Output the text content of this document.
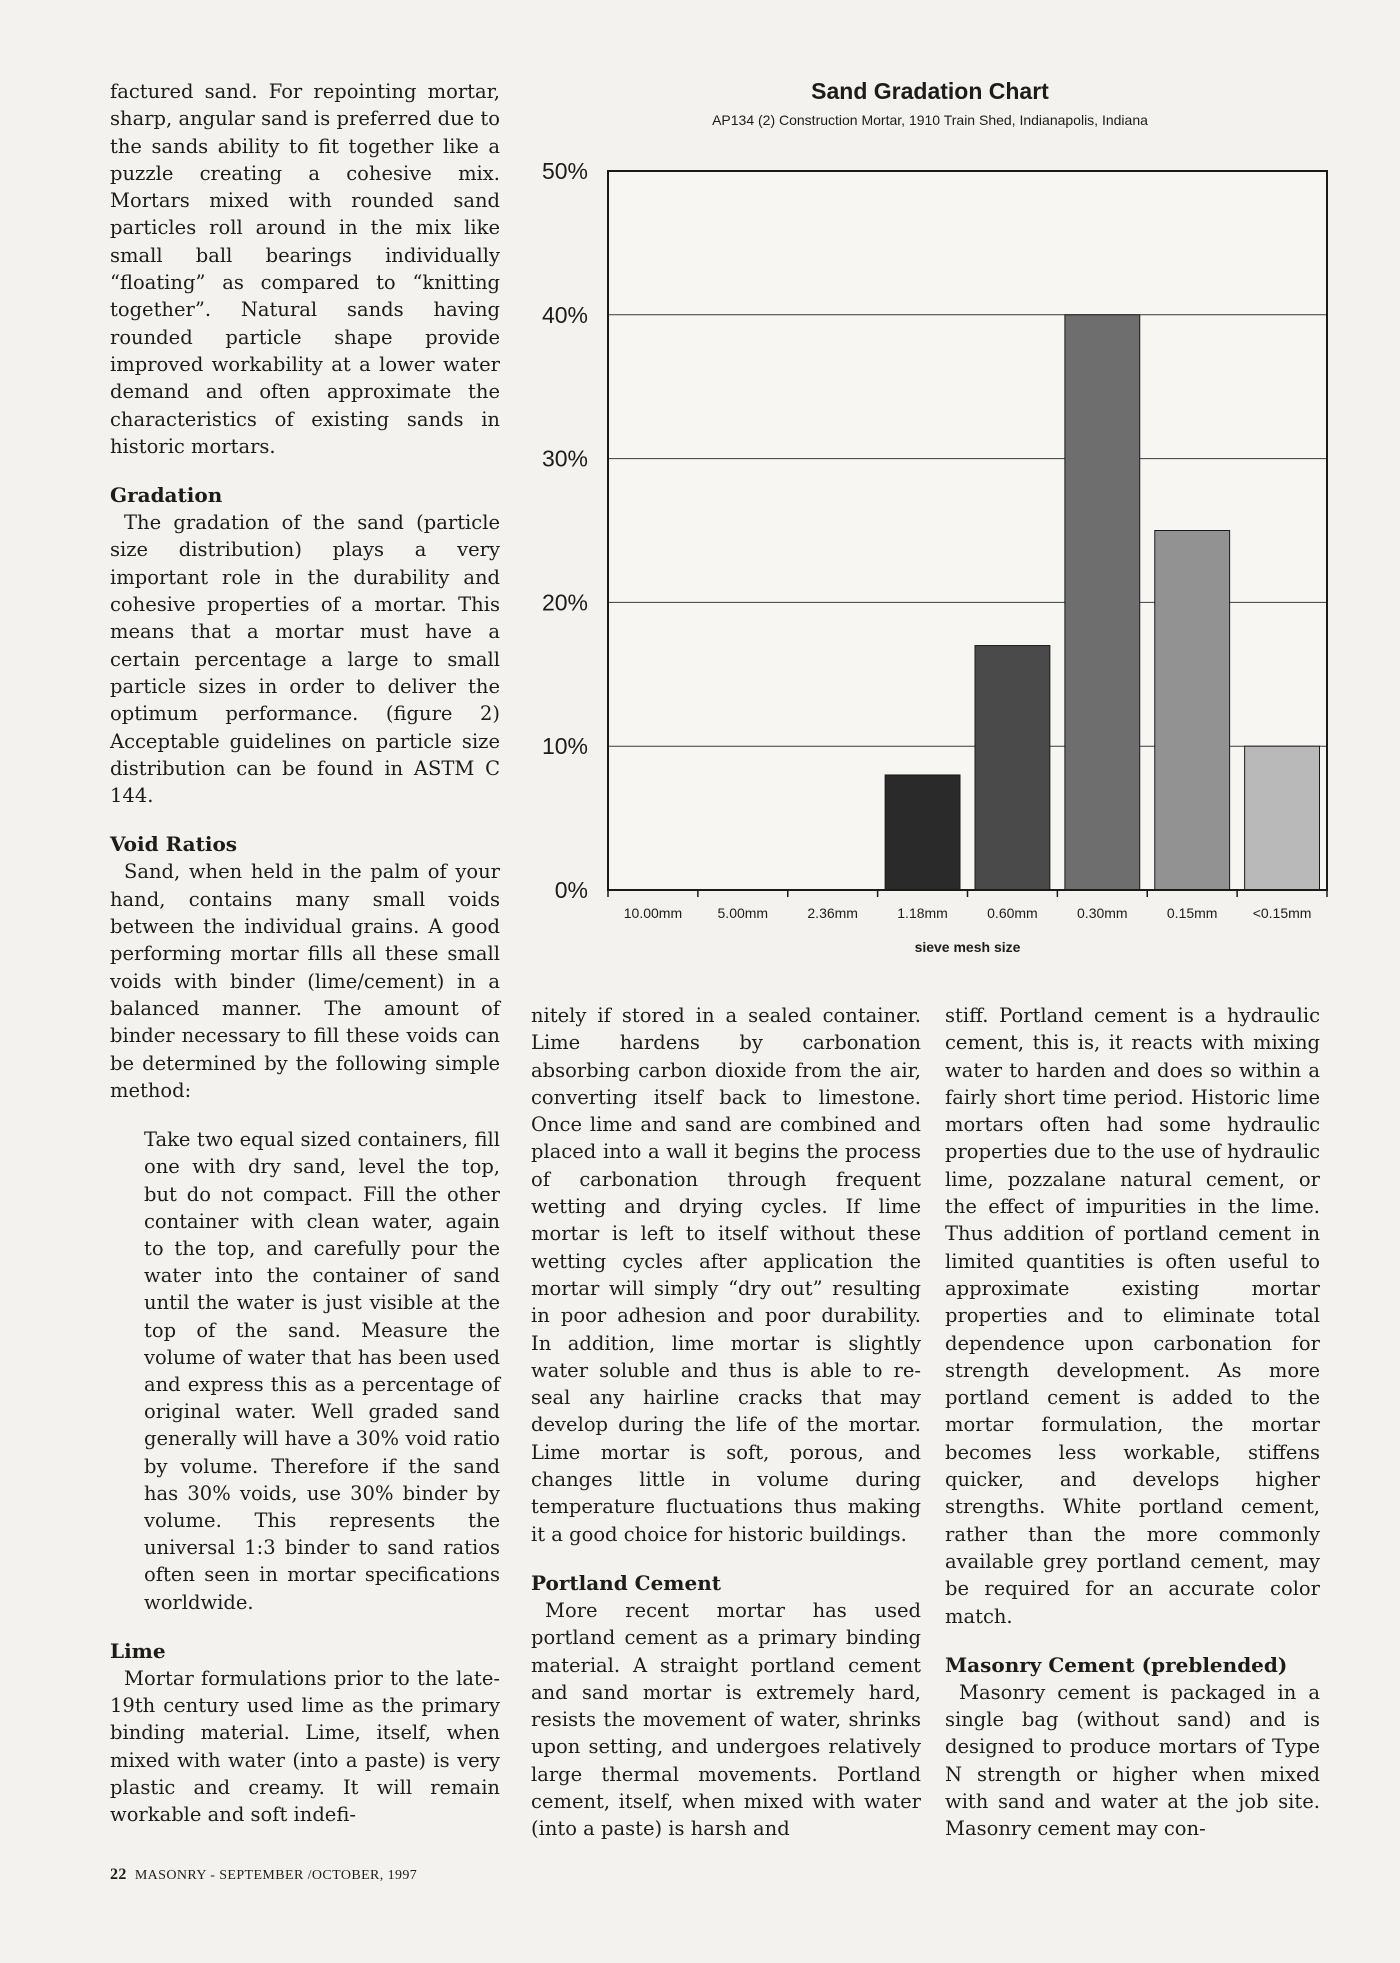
factured sand. For repointing mortar, sharp, angular sand is preferred due to the sands ability to fit together like a puzzle creating a cohesive mix. Mortars mixed with rounded sand particles roll around in the mix like small ball bearings individually “floating” as compared to “knitting together”. Natural sands having rounded particle shape provide improved workability at a lower water demand and often approximate the characteristics of existing sands in historic mortars.

Gradation

The gradation of the sand (particle size distribution) plays a very important role in the durability and cohesive properties of a mortar. This means that a mortar must have a certain percentage a large to small particle sizes in order to deliver the optimum performance. (figure 2) Acceptable guidelines on particle size distribution can be found in ASTM C 144.

Void Ratios

Sand, when held in the palm of your hand, contains many small voids between the individual grains. A good performing mortar fills all these small voids with binder (lime/cement) in a balanced manner. The amount of binder necessary to fill these voids can be determined by the following simple method:

Take two equal sized containers, fill one with dry sand, level the top, but do not compact. Fill the other container with clean water, again to the top, and carefully pour the water into the container of sand until the water is just visible at the top of the sand. Measure the volume of water that has been used and express this as a percentage of original water. Well graded sand generally will have a 30% void ratio by volume. Therefore if the sand has 30% voids, use 30% binder by volume. This represents the universal 1:3 binder to sand ratios often seen in mortar specifications worldwide.

Lime

Mortar formulations prior to the late-19th century used lime as the primary binding material. Lime, itself, when mixed with water (into a paste) is very plastic and creamy. It will remain workable and soft indefi-

Sand Gradation Chart
AP134 (2) Construction Mortar, 1910 Train Shed, Indianapolis, Indiana
0%
10%
20%
30%
40%
50%
10.00mm	5.00mm	2.36mm	1.18mm	0.60mm	0.30mm	0.15mm	<0.15mm
sieve mesh size

nitely if stored in a sealed container. Lime hardens by carbonation absorbing carbon dioxide from the air, converting itself back to limestone. Once lime and sand are combined and placed into a wall it begins the process of carbonation through frequent wetting and drying cycles. If lime mortar is left to itself without these wetting cycles after application the mortar will simply “dry out” resulting in poor adhesion and poor durability. In addition, lime mortar is slightly water soluble and thus is able to re-seal any hairline cracks that may develop during the life of the mortar. Lime mortar is soft, porous, and changes little in volume during temperature fluctuations thus making it a good choice for historic buildings.

Portland Cement

More recent mortar has used portland cement as a primary binding material. A straight portland cement and sand mortar is extremely hard, resists the movement of water, shrinks upon setting, and undergoes relatively large thermal movements. Portland cement, itself, when mixed with water (into a paste) is harsh and

stiff. Portland cement is a hydraulic cement, this is, it reacts with mixing water to harden and does so within a fairly short time period. Historic lime mortars often had some hydraulic properties due to the use of hydraulic lime, pozzalane natural cement, or the effect of impurities in the lime. Thus addition of portland cement in limited quantities is often useful to approximate existing mortar properties and to eliminate total dependence upon carbonation for strength development. As more portland cement is added to the mortar formulation, the mortar becomes less workable, stiffens quicker, and develops higher strengths. White portland cement, rather than the more commonly available grey portland cement, may be required for an accurate color match.

Masonry Cement (preblended)

Masonry cement is packaged in a single bag (without sand) and is designed to produce mortars of Type N strength or higher when mixed with sand and water at the job site. Masonry cement may con-

22 MASONRY - SEPTEMBER /OCTOBER, 1997
